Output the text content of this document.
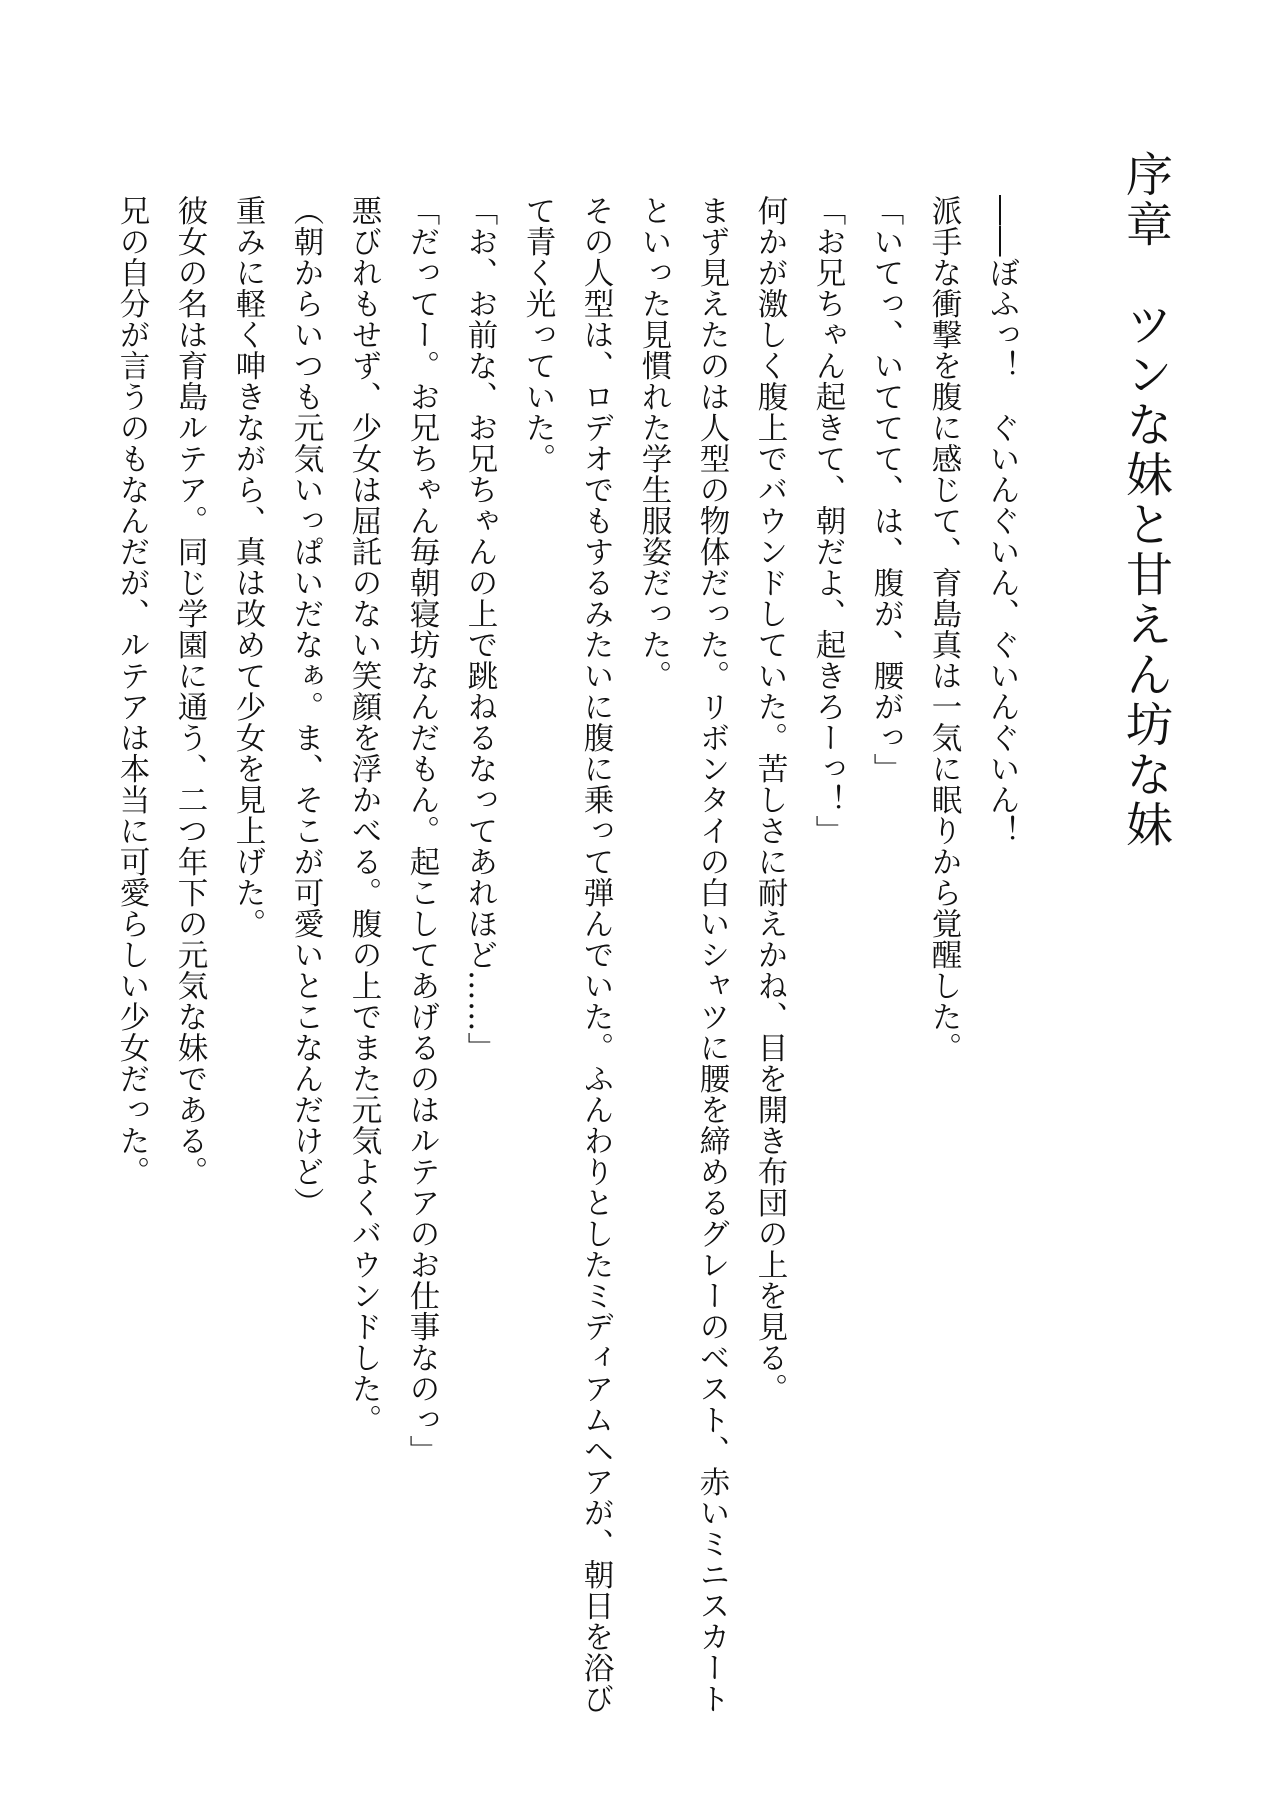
序章　ツンな妹と甘えん坊な妹

――ぼふっ！　ぐいんぐいん、ぐいんぐいん！

派手な衝撃を腹に感じて、育島真は一気に眠りから覚醒した。

「いてっ、いててて、は、腹が、腰がっ」

「お兄ちゃん起きて、朝だよ、起きろーっ！」

何かが激しく腹上でバウンドしていた。苦しさに耐えかね、目を開き布団の上を見る。

まず見えたのは人型の物体だった。リボンタイの白いシャツに腰を締めるグレーのベスト、赤いミニスカートといった見慣れた学生服姿だった。

その人型は、ロデオでもするみたいに腹に乗って弾んでいた。ふんわりとしたミディアムヘアが、朝日を浴びて青く光っていた。

「お、お前な、お兄ちゃんの上で跳ねるなってあれほど……」

「だってー。お兄ちゃん毎朝寝坊なんだもん。起こしてあげるのはルテアのお仕事なのっ」

悪びれもせず、少女は屈託のない笑顔を浮かべる。腹の上でまた元気よくバウンドした。

（朝からいつも元気いっぱいだなぁ。ま、そこが可愛いとこなんだけど）

重みに軽く呻きながら、真は改めて少女を見上げた。

彼女の名は育島ルテア。同じ学園に通う、二つ年下の元気な妹である。

兄の自分が言うのもなんだが、ルテアは本当に可愛らしい少女だった。
